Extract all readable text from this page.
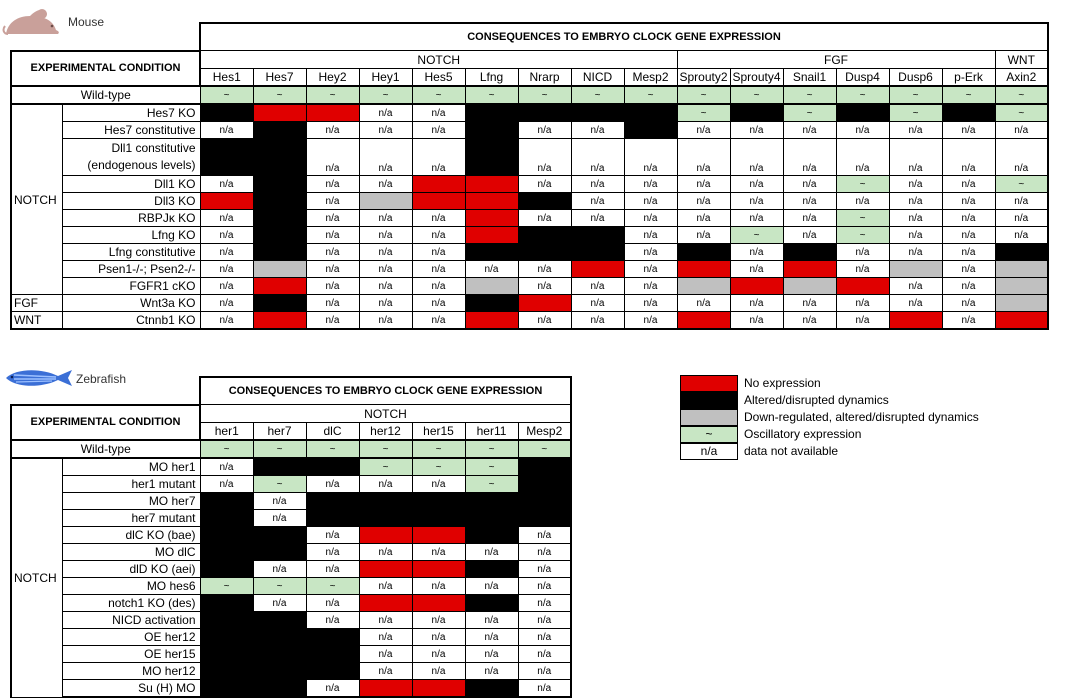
Mouse
Zebrafish
		CONSEQUENCES TO EMBRYO CLOCK GENE EXPRESSION															
EXPERIMENTAL CONDITION		NOTCH									FGF						WNT
		Hes1	Hes7	Hey2	Hey1	Hes5	Lfng	Nrarp	NICD	Mesp2	Sprouty2	Sprouty4	Snail1	Dusp4	Dusp6	p-Erk	Axin2
Wild-type		~	~	~	~	~	~	~	~	~	~	~	~	~	~	~	~
NOTCH	Hes7 KO				n/a	n/a					~		~		~		~
	Hes7 constitutive	n/a		n/a	n/a	n/a		n/a	n/a		n/a	n/a	n/a	n/a	n/a	n/a	n/a
	Dll1 constitutive
(endogenous levels)			n/a	n/a	n/a		n/a	n/a	n/a	n/a	n/a	n/a	n/a	n/a	n/a	n/a
	Dll1 KO	n/a		n/a	n/a			n/a	n/a	n/a	n/a	n/a	n/a	~	n/a	n/a	~
	Dll3 KO			n/a					n/a	n/a	n/a	n/a	n/a	n/a	n/a	n/a	n/a
	RBPJκ KO	n/a		n/a	n/a	n/a		n/a	n/a	n/a	n/a	n/a	n/a	~	n/a	n/a	n/a
	Lfng KO	n/a		n/a	n/a	n/a				n/a	n/a	~	n/a	~	n/a	n/a	n/a
	Lfng constitutive	n/a		n/a	n/a	n/a				n/a		n/a		n/a	n/a	n/a	
	Psen1-/-; Psen2-/-	n/a		n/a	n/a	n/a	n/a	n/a		n/a		n/a		n/a		n/a	
	FGFR1 cKO	n/a		n/a	n/a	n/a		n/a	n/a	n/a					n/a	n/a	
FGF	Wnt3a KO	n/a		n/a	n/a	n/a			n/a	n/a	n/a	n/a	n/a	n/a	n/a	n/a	
WNT	Ctnnb1 KO	n/a		n/a	n/a	n/a		n/a	n/a	n/a		n/a	n/a	n/a		n/a	
		CONSEQUENCES TO EMBRYO CLOCK GENE EXPRESSION						
EXPERIMENTAL CONDITION		NOTCH						
		her1	her7	dlC	her12	her15	her11	Mesp2
Wild-type		~	~	~	~	~	~	~
NOTCH	MO her1	n/a			~	~	~	
	her1 mutant	n/a	~	n/a	n/a	n/a	~	
	MO her7		n/a					
	her7 mutant		n/a					
	dlC KO (bae)			n/a				n/a
	MO dlC			n/a	n/a	n/a	n/a	n/a
	dlD KO (aei)		n/a	n/a				n/a
	MO hes6	~	~	~	n/a	n/a	n/a	n/a
	notch1 KO (des)		n/a	n/a				n/a
	NICD activation			n/a	n/a	n/a	n/a	n/a
	OE her12				n/a	n/a	n/a	n/a
	OE her15				n/a	n/a	n/a	n/a
	MO her12				n/a	n/a	n/a	n/a
	Su (H) MO			n/a				n/a
No expression
Altered/disrupted dynamics
Down-regulated, altered/disrupted dynamics
~	Oscillatory expression
n/a	data not available
